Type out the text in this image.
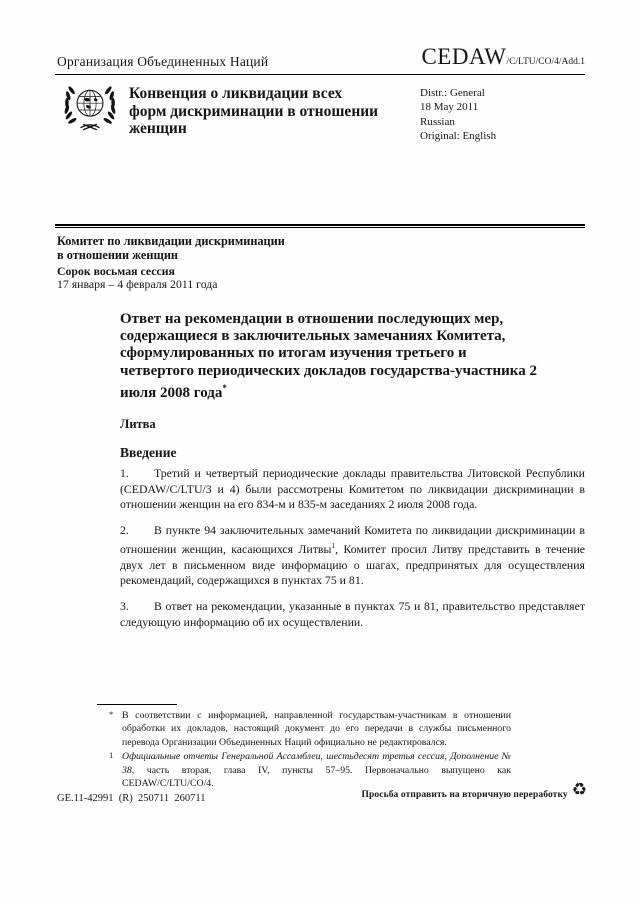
Организация Объединенных Наций	CEDAW/C/LTU/CO/4/Add.1
Конвенция о ликвидации всех форм дискриминации в отношении женщин
Distr.: General
18 May 2011
Russian
Original: English
Комитет по ликвидации дискриминации
в отношении женщин
Сорок восьмая сессия
17 января – 4 февраля 2011 года
Ответ на рекомендации в отношении последующих мер, содержащиеся в заключительных замечаниях Комитета, сформулированных по итогам изучения третьего и четвертого периодических докладов государства-участника 2 июля 2008 года*
Литва
Введение

1. Третий и четвертый периодические доклады правительства Литовской Республики (CEDAW/C/LTU/3 и 4) были рассмотрены Комитетом по ликвидации дискриминации в отношении женщин на его 834-м и 835-м заседаниях 2 июля 2008 года.

2. В пункте 94 заключительных замечаний Комитета по ликвидации дискриминации в отношении женщин, касающихся Литвы$^1$, Комитет просил Литву представить в течение двух лет в письменном виде информацию о шагах, предпринятых для осуществления рекомендаций, содержащихся в пунктах 75 и 81.

3. В ответ на рекомендации, указанные в пунктах 75 и 81, правительство представляет следующую информацию об их осуществлении.

* В соответствии с информацией, направленной государствам-участникам в отношении обработки их докладов, настоящий документ до его передачи в службы письменного перевода Организации Объединенных Наций официально не редактировался.
1 Официальные отчеты Генеральной Ассамблеи, шестьдесят третья сессия, Дополнение № 38, часть вторая, глава IV, пункты 57–95. Первоначально выпущено как CEDAW/C/LTU/CO/4.
GE.11-42991  (R)  250711  260711	Просьба отправить на вторичную переработку ♻
